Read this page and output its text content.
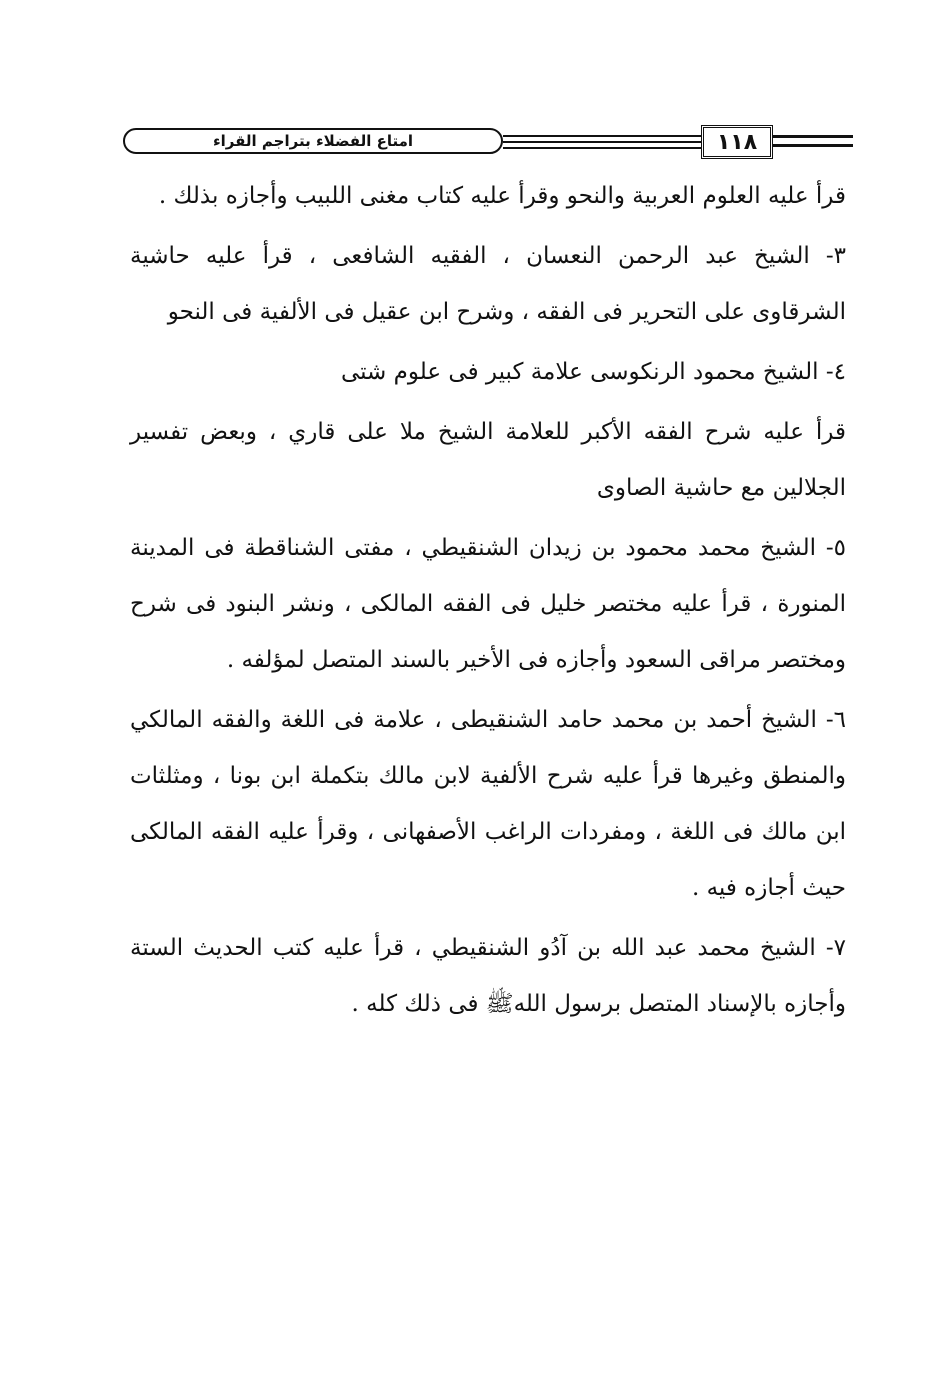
امتاع الفضلاء بتراجم القراء	١١٨

قرأ عليه العلوم العربية والنحو وقرأ عليه كتاب مغنى اللبيب وأجازه بذلك .

٣- الشيخ عبد الرحمن النعسان ، الفقيه الشافعى ، قرأ عليه حاشية الشرقاوى على التحرير فى الفقه ، وشرح ابن عقيل فى الألفية فى النحو

٤- الشيخ محمود الرنكوسى علامة كبير فى علوم شتى

قرأ عليه شرح الفقه الأكبر للعلامة الشيخ ملا على قاري ، وبعض تفسير الجلالين مع حاشية الصاوى

٥- الشيخ محمد محمود بن زيدان الشنقيطي ، مفتى الشناقطة فى المدينة المنورة ، قرأ عليه مختصر خليل فى الفقه المالكى ، ونشر البنود فى شرح ومختصر مراقى السعود وأجازه فى الأخير بالسند المتصل لمؤلفه .

٦- الشيخ أحمد بن محمد حامد الشنقيطى ، علامة فى اللغة والفقه المالكي والمنطق وغيرها قرأ عليه شرح الألفية لابن مالك بتكملة ابن بونا ، ومثلثات ابن مالك فى اللغة ، ومفردات الراغب الأصفهانى ، وقرأ عليه الفقه المالكى حيث أجازه فيه .

٧- الشيخ محمد عبد الله بن آدُو الشنقيطي ، قرأ عليه كتب الحديث الستة وأجازه بالإسناد المتصل برسول اللهﷺ فى ذلك كله .
